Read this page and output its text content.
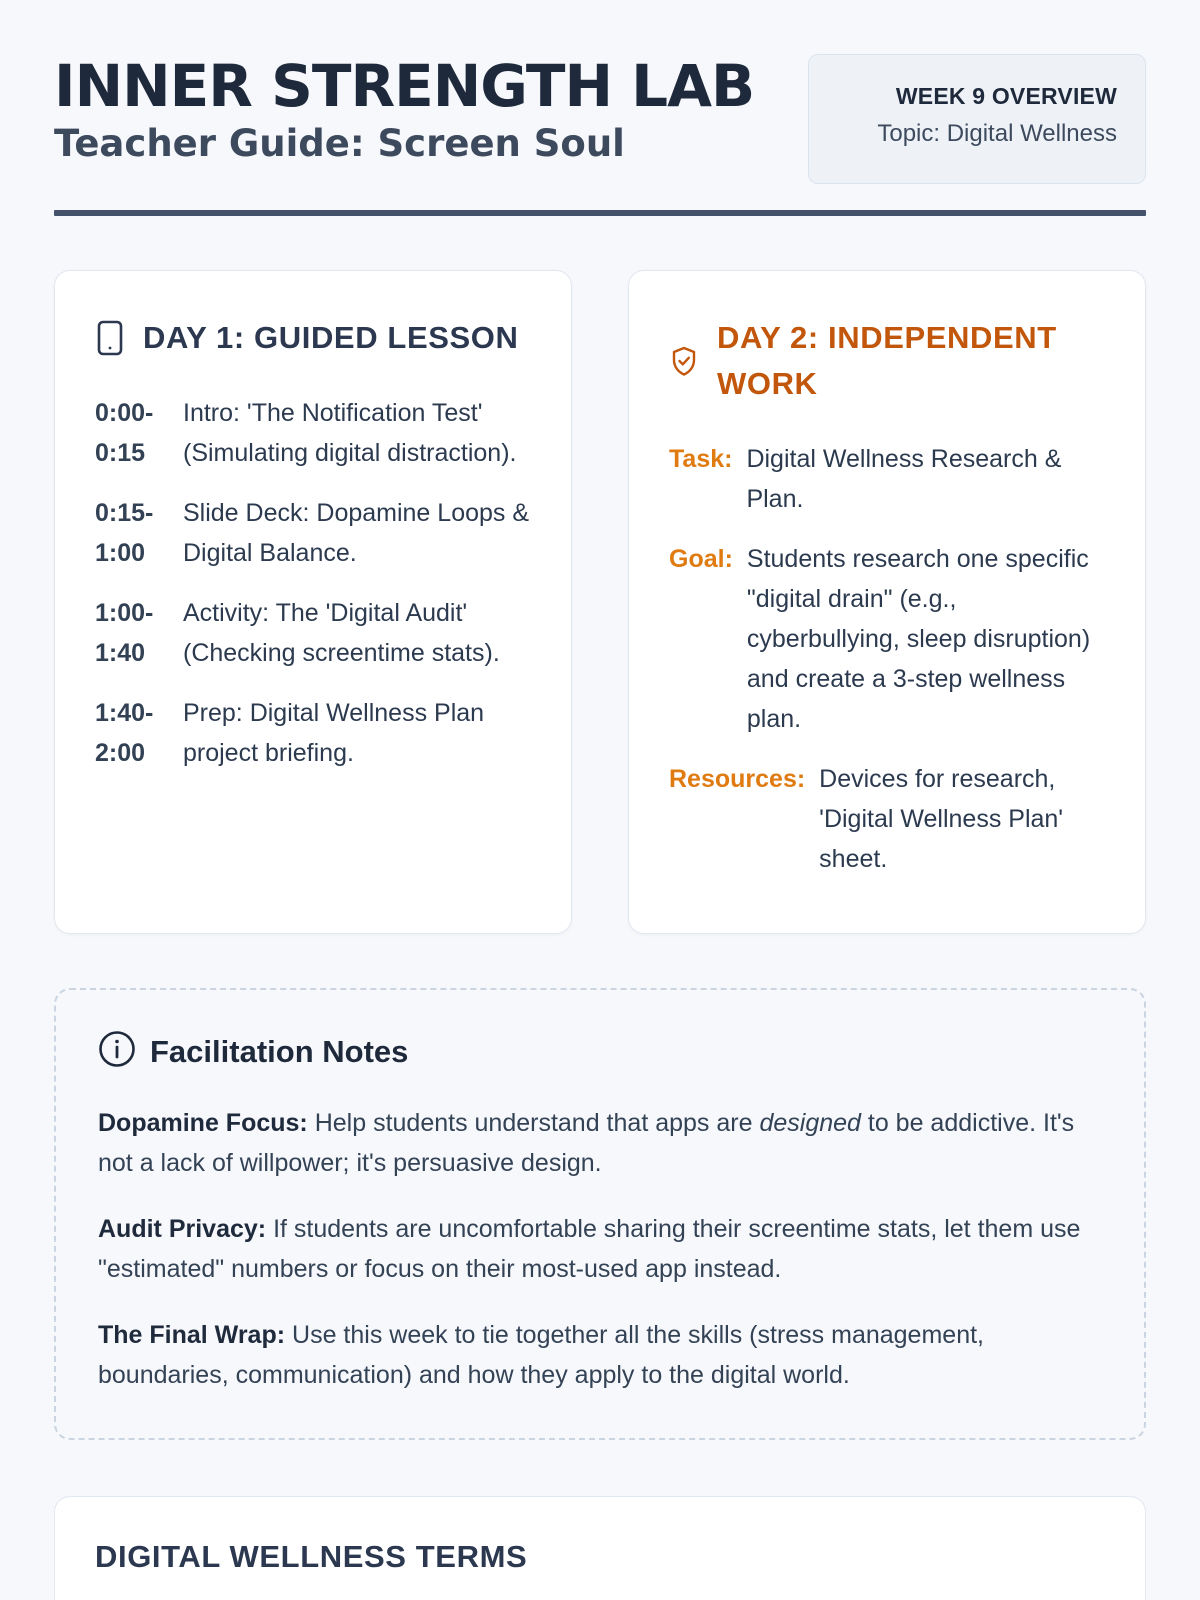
INNER STRENGTH LAB
Teacher Guide: Screen Soul
WEEK 9 OVERVIEW
Topic: Digital Wellness
DAY 1: GUIDED LESSON
0:00-0:15
Intro: 'The Notification Test' (Simulating digital distraction).
0:15-1:00
Slide Deck: Dopamine Loops & Digital Balance.
1:00-1:40
Activity: The 'Digital Audit' (Checking screentime stats).
1:40-2:00
Prep: Digital Wellness Plan project briefing.
DAY 2: INDEPENDENT WORK
Task: Digital Wellness Research & Plan.
Goal: Students research one specific "digital drain" (e.g., cyberbullying, sleep disruption) and create a 3-step wellness plan.
Resources: Devices for research, 'Digital Wellness Plan' sheet.
Facilitation Notes

Dopamine Focus: Help students understand that apps are designed to be addictive. It's not a lack of willpower; it's persuasive design.

Audit Privacy: If students are uncomfortable sharing their screentime stats, let them use "estimated" numbers or focus on their most-used app instead.

The Final Wrap: Use this week to tie together all the skills (stress management, boundaries, communication) and how they apply to the digital world.

DIGITAL WELLNESS TERMS
